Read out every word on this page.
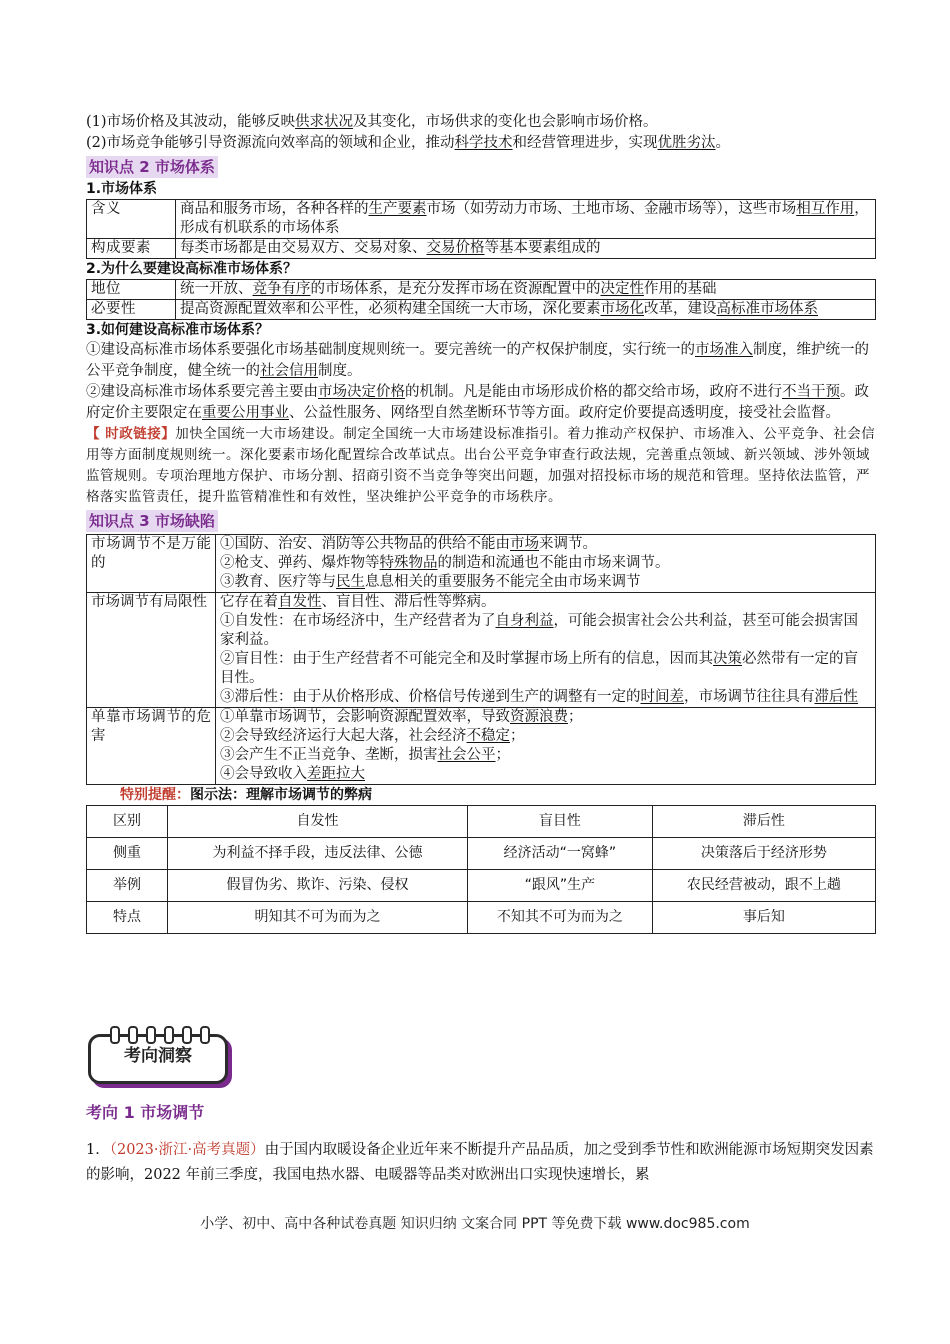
(1)市场价格及其波动，能够反映供求状况及其变化，市场供求的变化也会影响市场价格。

(2)市场竞争能够引导资源流向效率高的领域和企业，推动科学技术和经营管理进步，实现优胜劣汰。

知识点 2 市场体系
1.市场体系
含义	商品和服务市场，各种各样的生产要素市场（如劳动力市场、土地市场、金融市场等），这些市场相互作用，形成有机联系的市场体系
构成要素	每类市场都是由交易双方、交易对象、交易价格等基本要素组成的
2.为什么要建设高标准市场体系？
地位	统一开放、竞争有序的市场体系，是充分发挥市场在资源配置中的决定性作用的基础
必要性	提高资源配置效率和公平性，必须构建全国统一大市场，深化要素市场化改革，建设高标准市场体系
3.如何建设高标准市场体系？

①建设高标准市场体系要强化市场基础制度规则统一。要完善统一的产权保护制度，实行统一的市场准入制度，维护统一的公平竞争制度，健全统一的社会信用制度。

②建设高标准市场体系要完善主要由市场决定价格的机制。凡是能由市场形成价格的都交给市场，政府不进行不当干预。政府定价主要限定在重要公用事业、公益性服务、网络型自然垄断环节等方面。政府定价要提高透明度，接受社会监督。

【 时政链接】加快全国统一大市场建设。制定全国统一大市场建设标准指引。着力推动产权保护、市场准入、公平竞争、社会信用等方面制度规则统一。深化要素市场化配置综合改革试点。出台公平竞争审查行政法规，完善重点领域、新兴领域、涉外领域监管规则。专项治理地方保护、市场分割、招商引资不当竞争等突出问题，加强对招投标市场的规范和管理。坚持依法监管，严格落实监管责任，提升监管精准性和有效性，坚决维护公平竞争的市场秩序。

知识点 3 市场缺陷
市场调节不是万能的	①国防、治安、消防等公共物品的供给不能由市场来调节。
②枪支、弹药、爆炸物等特殊物品的制造和流通也不能由市场来调节。
③教育、医疗等与民生息息相关的重要服务不能完全由市场来调节

市场调节有局限性	它存在着自发性、盲目性、滞后性等弊病。
①自发性：在市场经济中，生产经营者为了自身利益，可能会损害社会公共利益，甚至可能会损害国家利益。
②盲目性：由于生产经营者不可能完全和及时掌握市场上所有的信息，因而其决策必然带有一定的盲目性。
③滞后性：由于从价格形成、价格信号传递到生产的调整有一定的时间差，市场调节往往具有滞后性

单靠市场调节的危害	①单靠市场调节，会影响资源配置效率，导致资源浪费；
②会导致经济运行大起大落，社会经济不稳定；
③会产生不正当竞争、垄断，损害社会公平；
④会导致收入差距拉大
特别提醒：图示法：理解市场调节的弊病
区别	自发性	盲目性	滞后性
侧重	为利益不择手段，违反法律、公德	经济活动“一窝蜂”	决策落后于经济形势
举例	假冒伪劣、欺诈、污染、侵权	“跟风”生产	农民经营被动，跟不上趟
特点	明知其不可为而为之	不知其不可为而为之	事后知
考向洞察
考向 1 市场调节

1．（2023·浙江·高考真题）由于国内取暖设备企业近年来不断提升产品品质，加之受到季节性和欧洲能源市场短期突发因素的影响，2022 年前三季度，我国电热水器、电暖器等品类对欧洲出口实现快速增长，累

小学、初中、高中各种试卷真题 知识归纳 文案合同 PPT 等免费下载 www.doc985.com
